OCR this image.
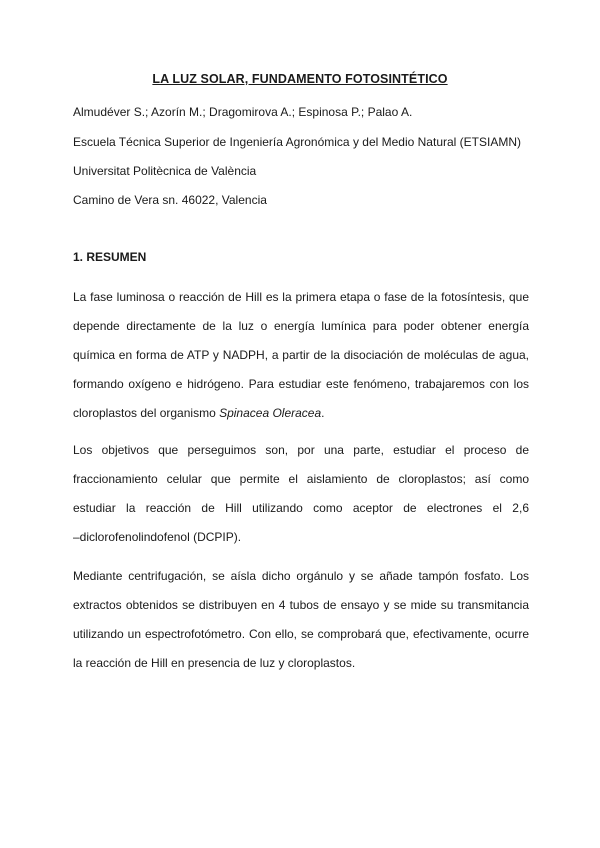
LA LUZ SOLAR, FUNDAMENTO FOTOSINTÉTICO
Almudéver S.; Azorín M.; Dragomirova A.; Espinosa P.; Palao A.
Escuela Técnica Superior de Ingeniería Agronómica y del Medio Natural (ETSIAMN)
Universitat Politècnica de València
Camino de Vera sn. 46022, Valencia
1. RESUMEN
La fase luminosa o reacción de Hill es la primera etapa o fase de la fotosíntesis, que
depende directamente de la luz o energía lumínica para poder obtener energía
química en forma de ATP y NADPH, a partir de la disociación de moléculas de agua,
formando oxígeno e hidrógeno. Para estudiar este fenómeno, trabajaremos con los
cloroplastos del organismo Spinacea Oleracea.
Los objetivos que perseguimos son, por una parte, estudiar el proceso de
fraccionamiento celular que permite el aislamiento de cloroplastos; así como
estudiar la reacción de Hill utilizando como aceptor de electrones el 2,6
–diclorofenolindofenol (DCPIP).
Mediante centrifugación, se aísla dicho orgánulo y se añade tampón fosfato. Los
extractos obtenidos se distribuyen en 4 tubos de ensayo y se mide su transmitancia
utilizando un espectrofotómetro. Con ello, se comprobará que, efectivamente, ocurre
la reacción de Hill en presencia de luz y cloroplastos.
